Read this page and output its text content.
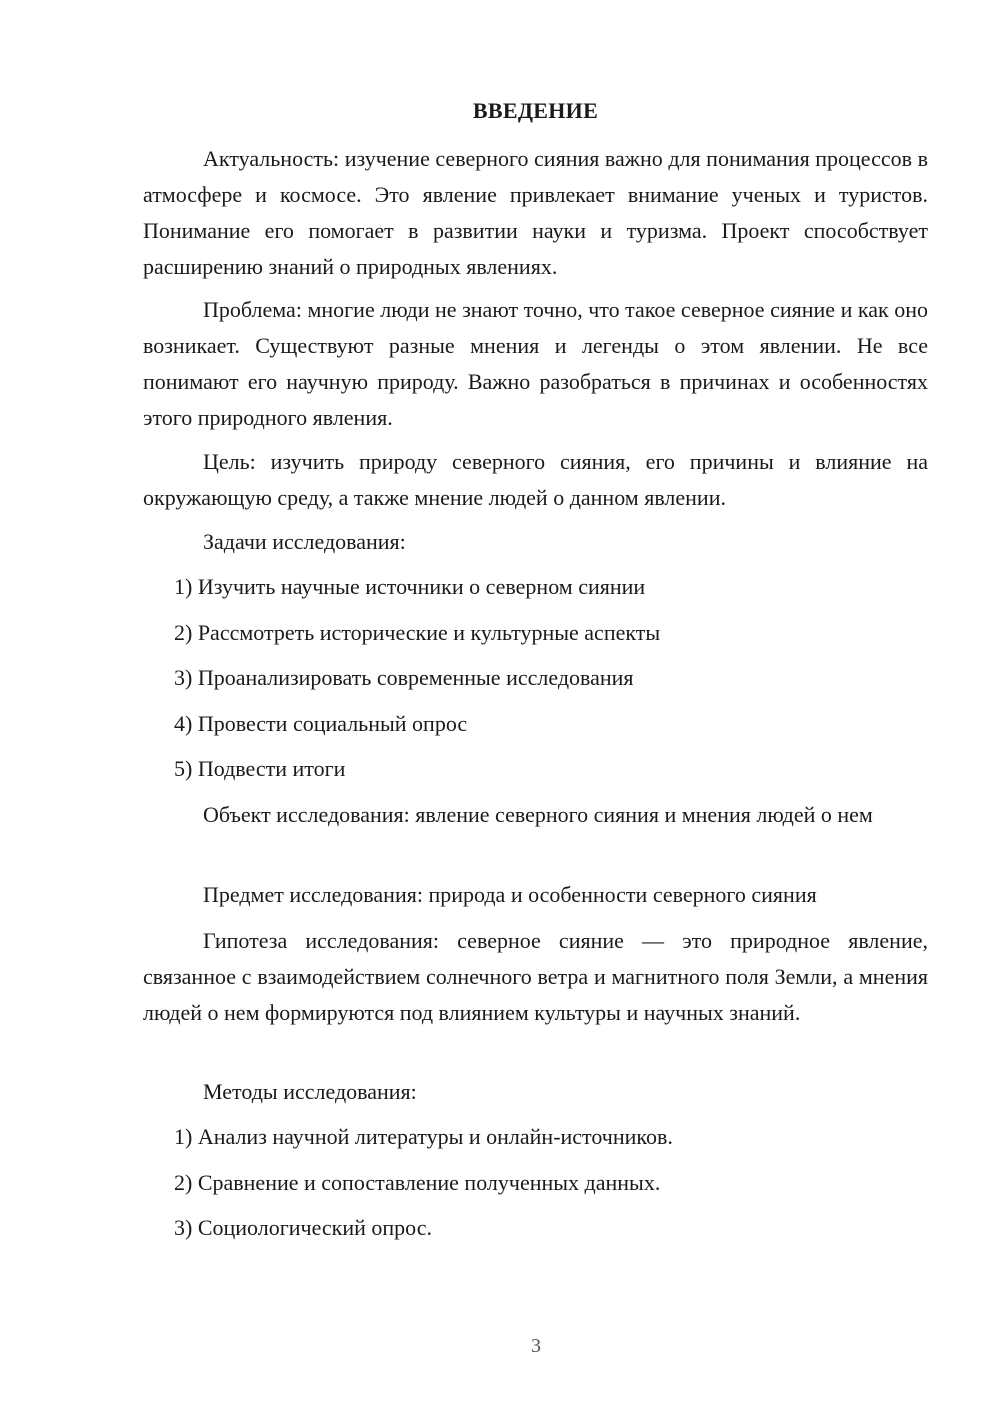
ВВЕДЕНИЕ

Актуальность: изучение северного сияния важно для понимания процессов в атмосфере и космосе. Это явление привлекает внимание ученых и туристов. Понимание его помогает в развитии науки и туризма. Проект способствует расширению знаний о природных явлениях.

Проблема: многие люди не знают точно, что такое северное сияние и как оно возникает. Существуют разные мнения и легенды о этом явлении. Не все понимают его научную природу. Важно разобраться в причинах и особенностях этого природного явления.

Цель: изучить природу северного сияния, его причины и влияние на окружающую среду, а также мнение людей о данном явлении.

Задачи исследования:

1) Изучить научные источники о северном сиянии

2) Рассмотреть исторические и культурные аспекты

3) Проанализировать современные исследования

4) Провести социальный опрос

5) Подвести итоги

Объект исследования: явление северного сияния и мнения людей о нем

Предмет исследования: природа и особенности северного сияния

Гипотеза исследования: северное сияние — это природное явление, связанное с взаимодействием солнечного ветра и магнитного поля Земли, а мнения людей о нем формируются под влиянием культуры и научных знаний.

Методы исследования:

1) Анализ научной литературы и онлайн-источников.

2) Сравнение и сопоставление полученных данных.

3) Социологический опрос.

3
